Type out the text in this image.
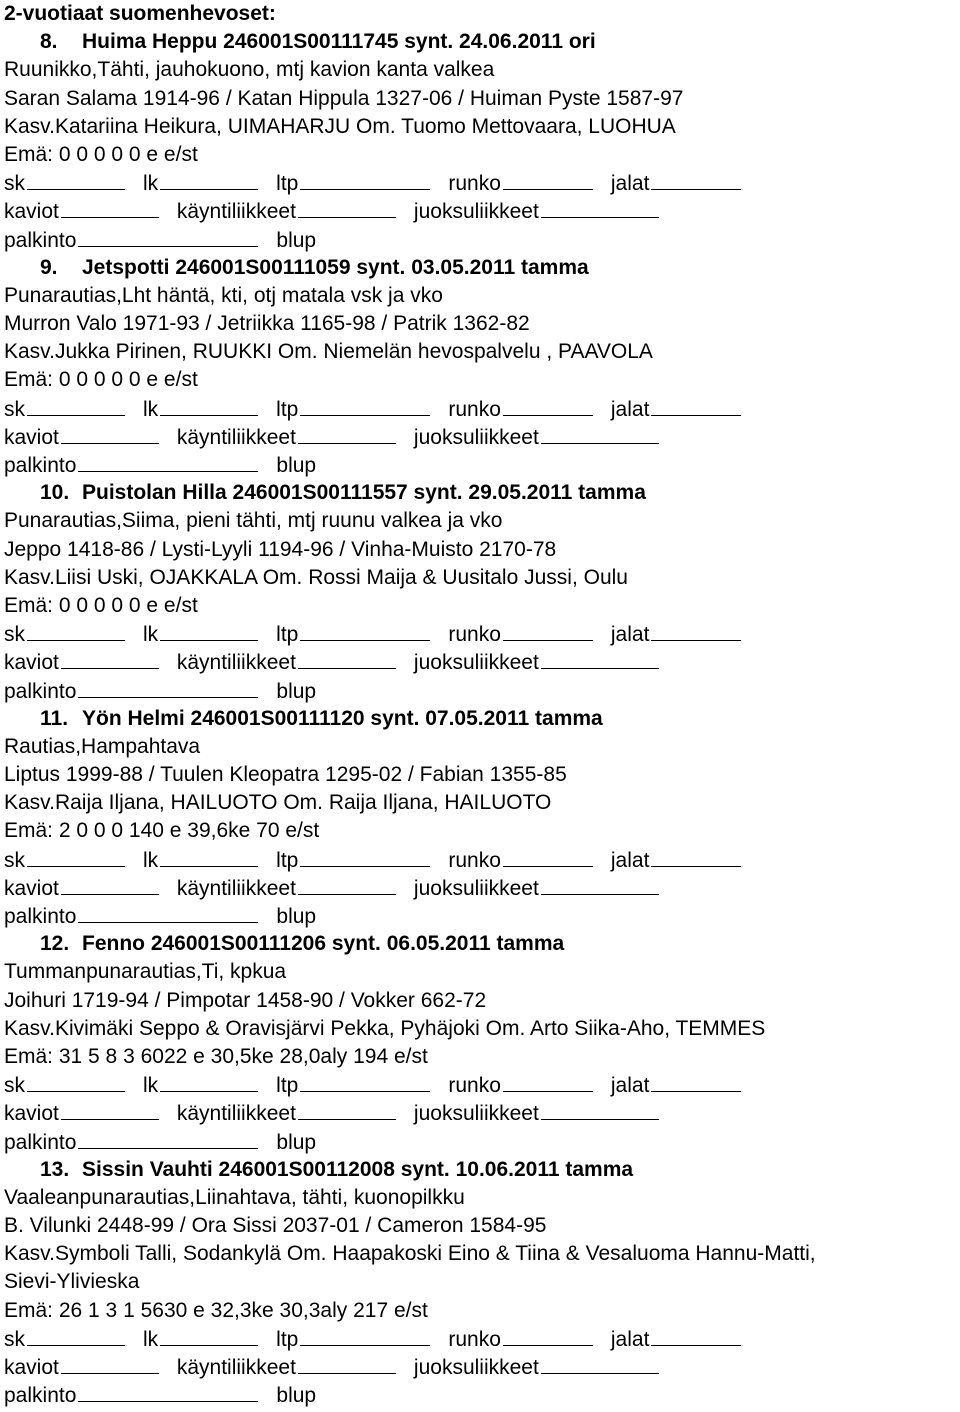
2-vuotiaat suomenhevoset:
8. Huima Heppu 246001S00111745 synt. 24.06.2011 ori
Ruunikko,Tähti, jauhokuono, mtj kavion kanta valkea
Saran Salama 1914-96 / Katan Hippula 1327-06 / Huiman Pyste 1587-97
Kasv.Katariina Heikura, UIMAHARJU Om. Tuomo Mettovaara, LUOHUA
Emä: 0 0 0 0 0 e e/st
sk	lk	ltp	runko	jalat
kaviot	käyntiliikkeet	juoksuliikkeet
palkinto	blup
9. Jetspotti 246001S00111059 synt. 03.05.2011 tamma
Punarautias,Lht häntä, kti, otj matala vsk ja vko
Murron Valo 1971-93 / Jetriikka 1165-98 / Patrik 1362-82
Kasv.Jukka Pirinen, RUUKKI Om. Niemelän hevospalvelu , PAAVOLA
Emä: 0 0 0 0 0 e e/st
sk	lk	ltp	runko	jalat
kaviot	käyntiliikkeet	juoksuliikkeet
palkinto	blup
10. Puistolan Hilla 246001S00111557 synt. 29.05.2011 tamma
Punarautias,Siima, pieni tähti, mtj ruunu valkea ja vko
Jeppo 1418-86 / Lysti-Lyyli 1194-96 / Vinha-Muisto 2170-78
Kasv.Liisi Uski, OJAKKALA Om. Rossi Maija & Uusitalo Jussi, Oulu
Emä: 0 0 0 0 0 e e/st
sk	lk	ltp	runko	jalat
kaviot	käyntiliikkeet	juoksuliikkeet
palkinto	blup
11. Yön Helmi 246001S00111120 synt. 07.05.2011 tamma
Rautias,Hampahtava
Liptus 1999-88 / Tuulen Kleopatra 1295-02 / Fabian 1355-85
Kasv.Raija Iljana, HAILUOTO Om. Raija Iljana, HAILUOTO
Emä: 2 0 0 0 140 e 39,6ke 70 e/st
sk	lk	ltp	runko	jalat
kaviot	käyntiliikkeet	juoksuliikkeet
palkinto	blup
12. Fenno 246001S00111206 synt. 06.05.2011 tamma
Tummanpunarautias,Ti, kpkua
Joihuri 1719-94 / Pimpotar 1458-90 / Vokker 662-72
Kasv.Kivimäki Seppo & Oravisjärvi Pekka, Pyhäjoki Om. Arto Siika-Aho, TEMMES
Emä: 31 5 8 3 6022 e 30,5ke 28,0aly 194 e/st
sk	lk	ltp	runko	jalat
kaviot	käyntiliikkeet	juoksuliikkeet
palkinto	blup
13. Sissin Vauhti 246001S00112008 synt. 10.06.2011 tamma
Vaaleanpunarautias,Liinahtava, tähti, kuonopilkku
B. Vilunki 2448-99 / Ora Sissi 2037-01 / Cameron 1584-95
Kasv.Symboli Talli, Sodankylä Om. Haapakoski Eino & Tiina & Vesaluoma Hannu-Matti,
Sievi-Ylivieska
Emä: 26 1 3 1 5630 e 32,3ke 30,3aly 217 e/st
sk	lk	ltp	runko	jalat
kaviot	käyntiliikkeet	juoksuliikkeet
palkinto	blup
